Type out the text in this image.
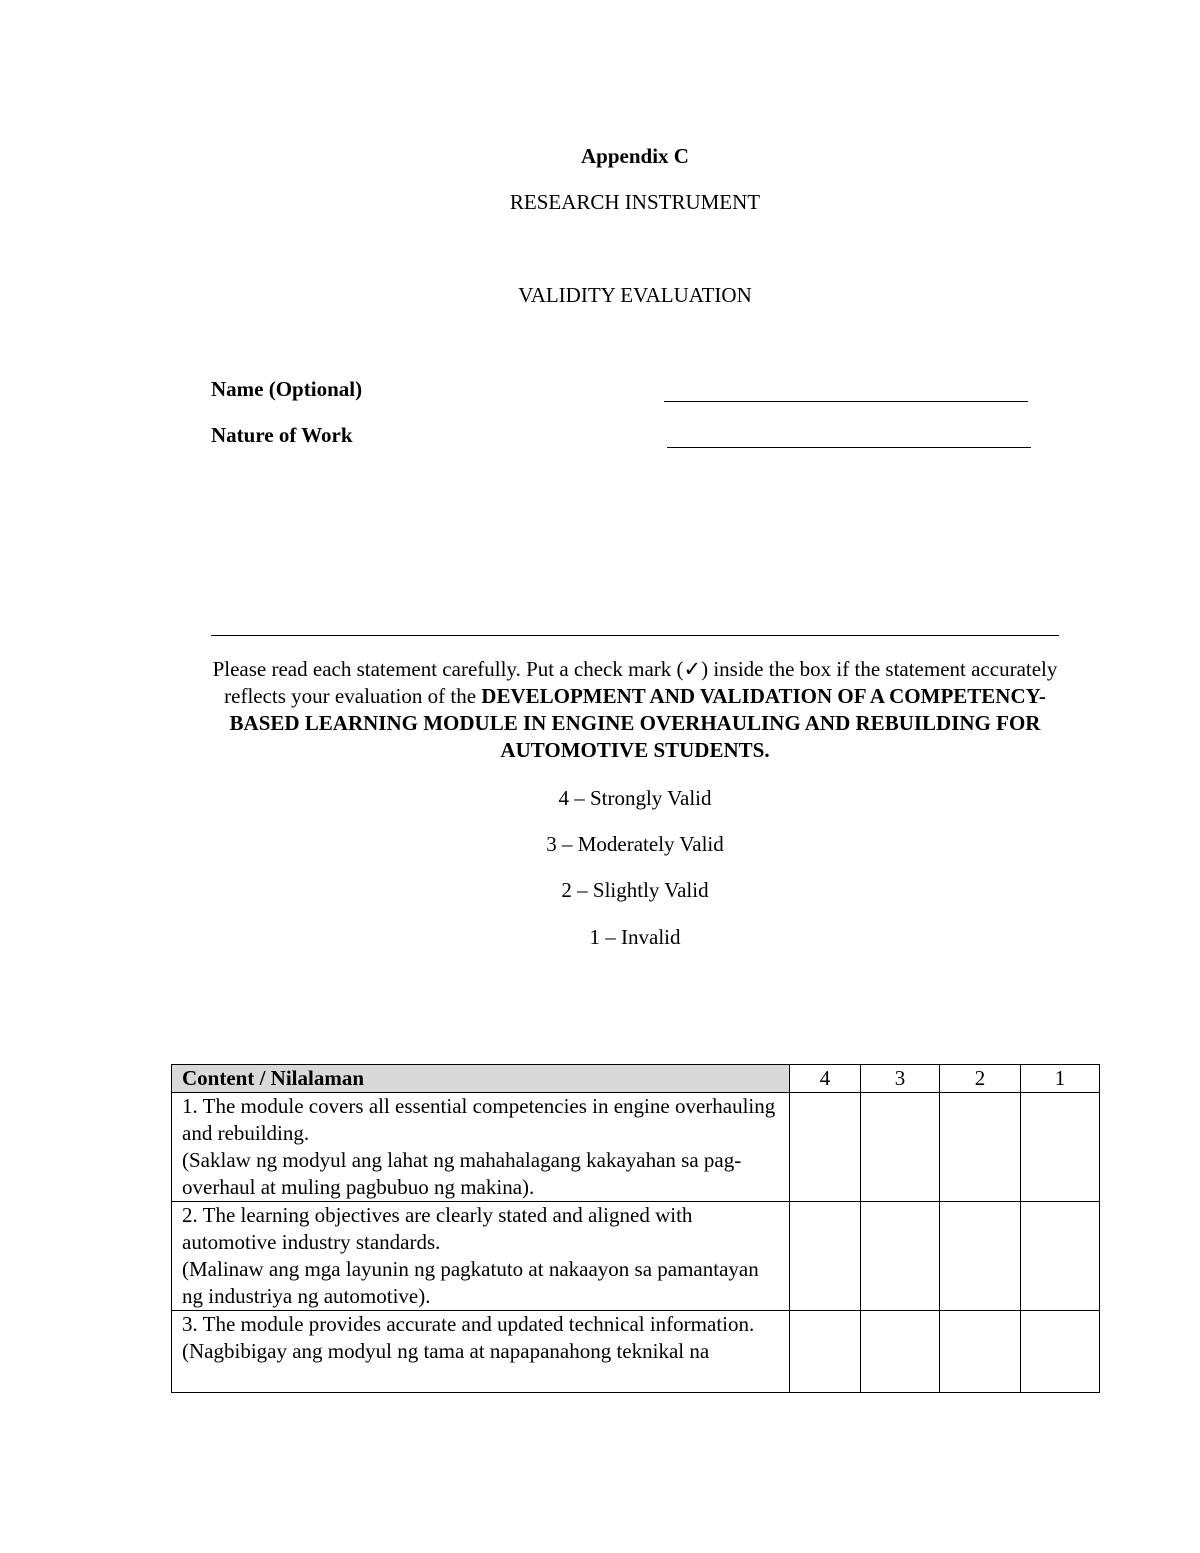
Appendix C
RESEARCH INSTRUMENT
VALIDITY EVALUATION
Name (Optional)
Nature of Work
Please read each statement carefully. Put a check mark (✓) inside the box if the statement accurately reflects your evaluation of the DEVELOPMENT AND VALIDATION OF A COMPETENCY-BASED LEARNING MODULE IN ENGINE OVERHAULING AND REBUILDING FOR AUTOMOTIVE STUDENTS.
4 – Strongly Valid
3 – Moderately Valid
2 – Slightly Valid
1 – Invalid
Content / Nilalaman	4	3	2	1

1. The module covers all essential competencies in engine overhauling and rebuilding.
(Saklaw ng modyul ang lahat ng mahahalagang kakayahan sa pag-overhaul at muling pagbubuo ng makina).				

2. The learning objectives are clearly stated and aligned with automotive industry standards.
(Malinaw ang mga layunin ng pagkatuto at nakaayon sa pamantayan ng industriya ng automotive).				

3. The module provides accurate and updated technical information.
(Nagbibigay ang modyul ng tama at napapanahong teknikal na				
